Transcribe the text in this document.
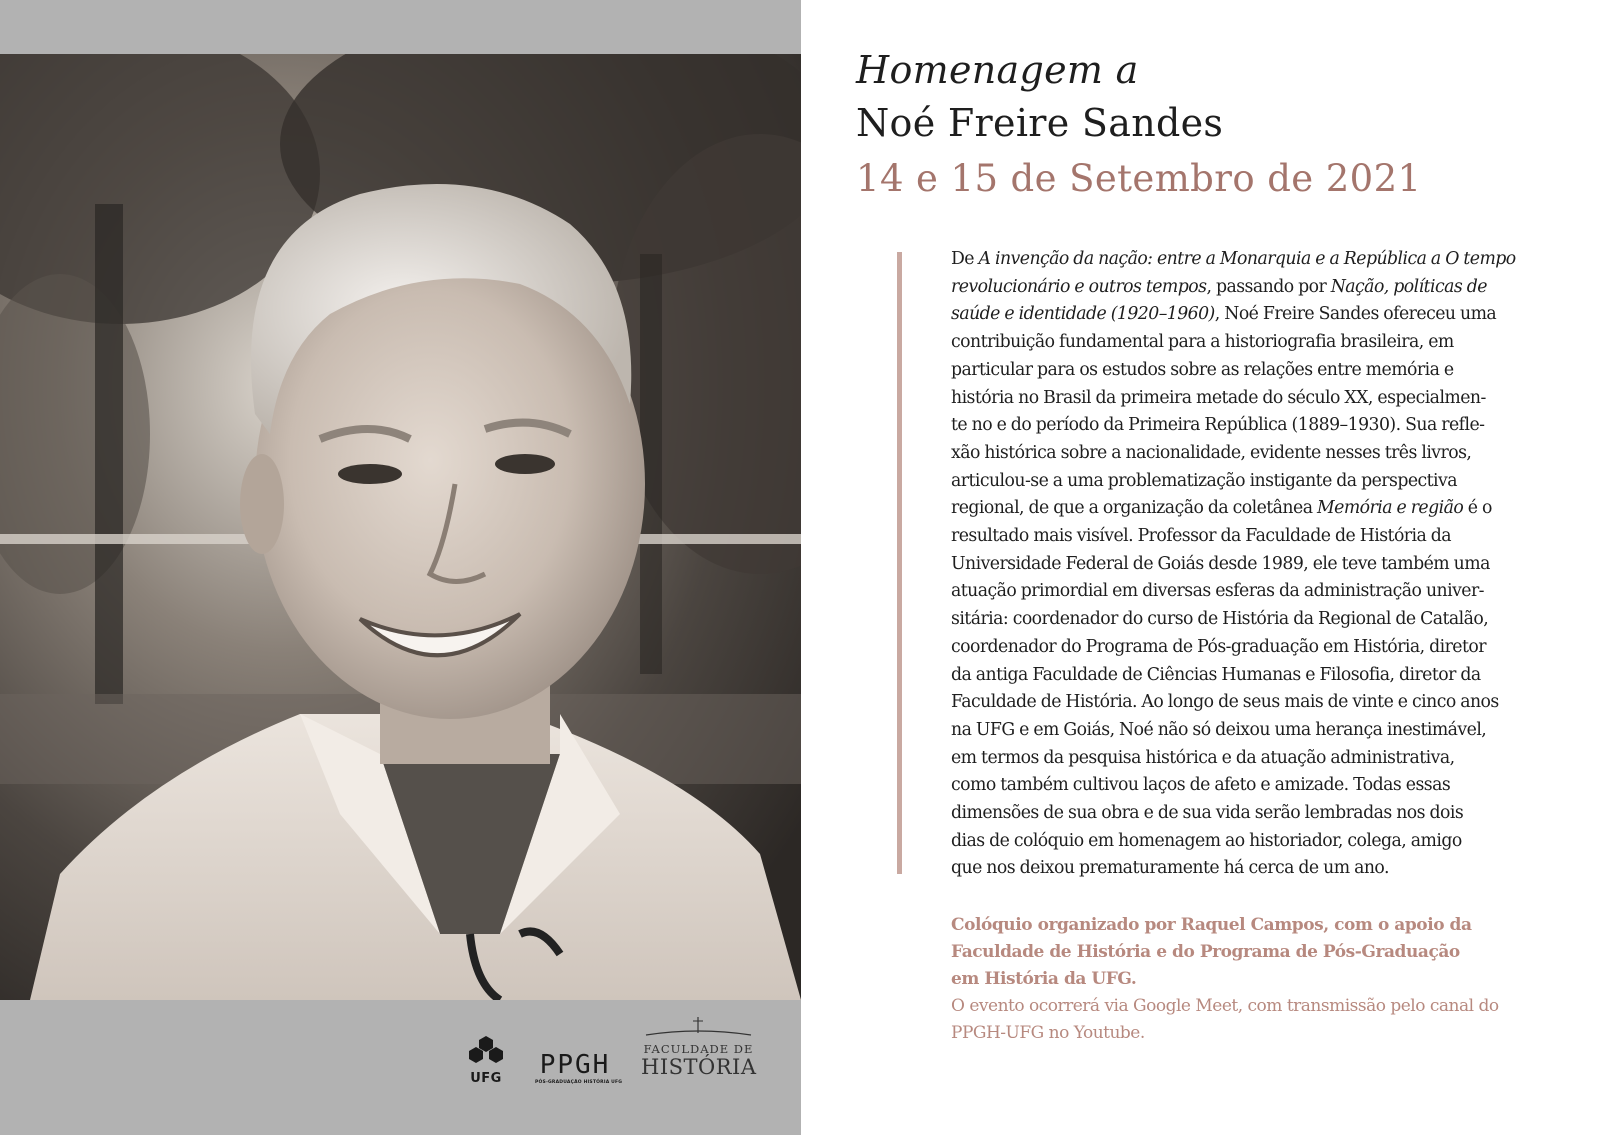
UFG PPGH
PÓS-GRADUAÇÃO HISTÓRIA UFG
FACULDADE DE
HISTÓRIA
Homenagem a
Noé Freire Sandes
14 e 15 de Setembro de 2021

De A invenção da nação: entre a Monarquia e a República a O tempo
revolucionário e outros tempos, passando por Nação, políticas de
saúde e identidade (1920–1960), Noé Freire Sandes ofereceu uma
contribuição fundamental para a historiografia brasileira, em
particular para os estudos sobre as relações entre memória e
história no Brasil da primeira metade do século XX, especialmen-
te no e do período da Primeira República (1889–1930). Sua refle-
xão histórica sobre a nacionalidade, evidente nesses três livros,
articulou-se a uma problematização instigante da perspectiva
regional, de que a organização da coletânea Memória e região é o
resultado mais visível. Professor da Faculdade de História da
Universidade Federal de Goiás desde 1989, ele teve também uma
atuação primordial em diversas esferas da administração univer-
sitária: coordenador do curso de História da Regional de Catalão,
coordenador do Programa de Pós-graduação em História, diretor
da antiga Faculdade de Ciências Humanas e Filosofia, diretor da
Faculdade de História. Ao longo de seus mais de vinte e cinco anos
na UFG e em Goiás, Noé não só deixou uma herança inestimável,
em termos da pesquisa histórica e da atuação administrativa,
como também cultivou laços de afeto e amizade. Todas essas
dimensões de sua obra e de sua vida serão lembradas nos dois
dias de colóquio em homenagem ao historiador, colega, amigo
que nos deixou prematuramente há cerca de um ano.

Colóquio organizado por Raquel Campos, com o apoio da
Faculdade de História e do Programa de Pós-Graduação
em História da UFG.

O evento ocorrerá via Google Meet, com transmissão pelo canal do
PPGH-UFG no Youtube.
